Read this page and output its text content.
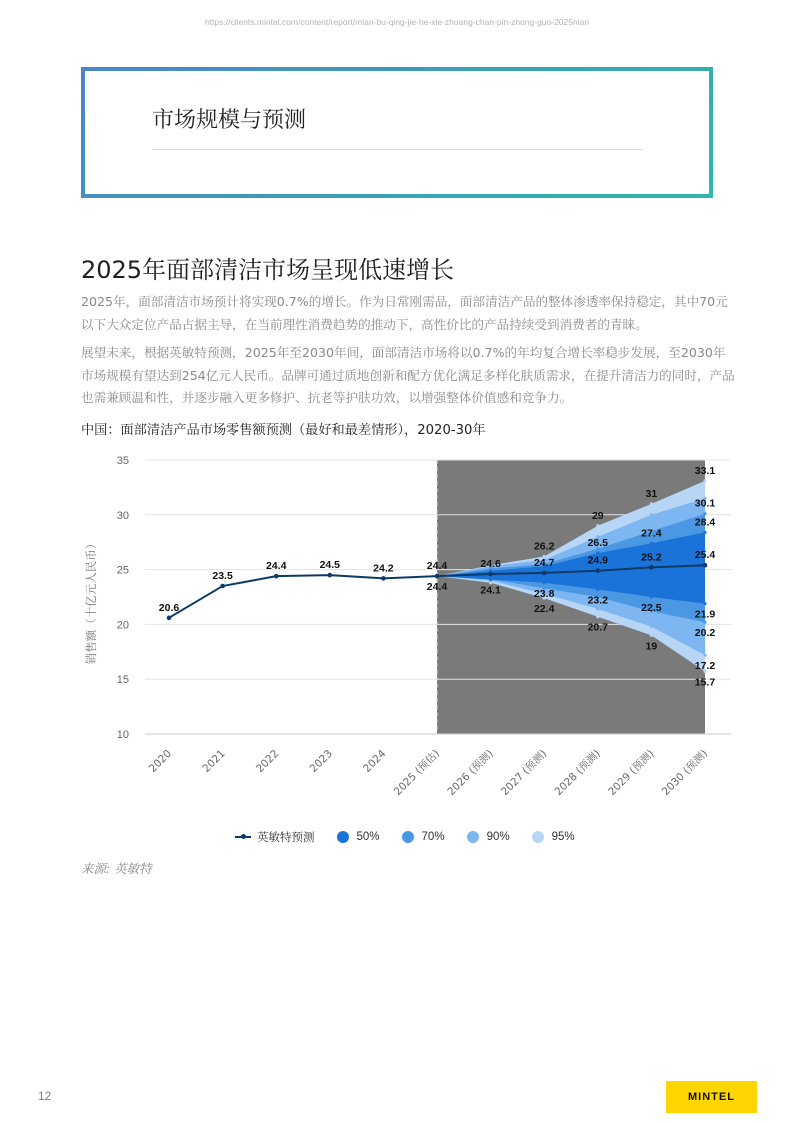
https://clients.mintel.com/content/report/mian-bu-qing-jie-he-xie-zhuang-chan-pin-zhong-guo-2025nian
市场规模与预测
2025年面部清洁市场呈现低速增长
2025年，面部清洁市场预计将实现0.7%的增长。作为日常刚需品，面部清洁产品的整体渗透率保持稳定，其中70元以下大众定位产品占据主导，在当前理性消费趋势的推动下，高性价比的产品持续受到消费者的青睐。
展望未来，根据英敏特预测，2025年至2030年间，面部清洁市场将以0.7%的年均复合增长率稳步发展，至2030年市场规模有望达到254亿元人民币。品牌可通过质地创新和配方优化满足多样化肤质需求，在提升清洁力的同时，产品也需兼顾温和性，并逐步融入更多修护、抗老等护肤功效，以增强整体价值感和竞争力。
中国：面部清洁产品市场零售额预测（最好和最差情形），2020-30年
10
15
20
25
30
35
20.6
23.5
24.4	24.5	24.2	24.4
24.4
24.6
24.1
26.2
24.7
23.8
22.4
29
26.5
24.9
23.2
20.7
31
27.4
25.2
22.5
19
33.1
30.1
28.4
25.4
21.9
20.2
17.2
15.7
2020 2021 2022 2023 2024 2025 (预估) 2026 (预测) 2027 (预测) 2028 (预测) 2029 (预测) 2030 (预测)
销售额（十亿元人民币）
英敏特预测	50%	70%	90%	95%
来源: 英敏特
12	MINTEL
